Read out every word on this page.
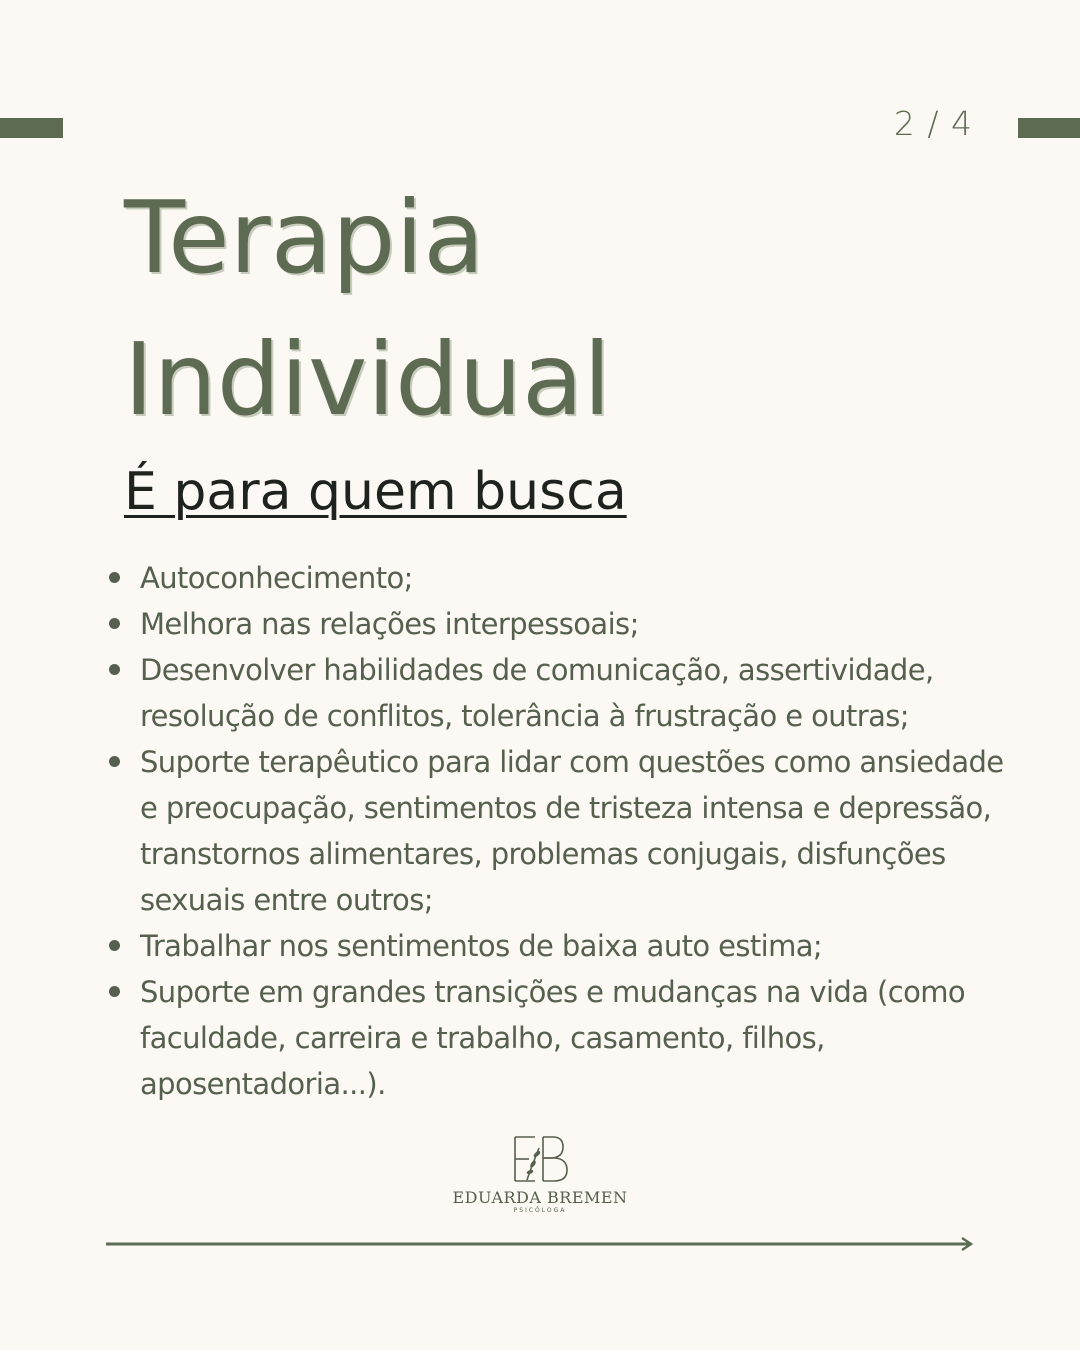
2 / 4
Terapia
Individual
É para quem busca
Autoconhecimento;
Melhora nas relações interpessoais;
Desenvolver habilidades de comunicação, assertividade, resolução de conflitos, tolerância à frustração e outras;
Suporte terapêutico para lidar com questões como ansiedade e preocupação, sentimentos de tristeza intensa e depressão, transtornos alimentares, problemas conjugais, disfunções sexuais entre outros;
Trabalhar nos sentimentos de baixa auto estima;
Suporte em grandes transições e mudanças na vida (como faculdade, carreira e trabalho, casamento, filhos, aposentadoria...).
EDUARDA BREMEN
PSICÓLOGA
